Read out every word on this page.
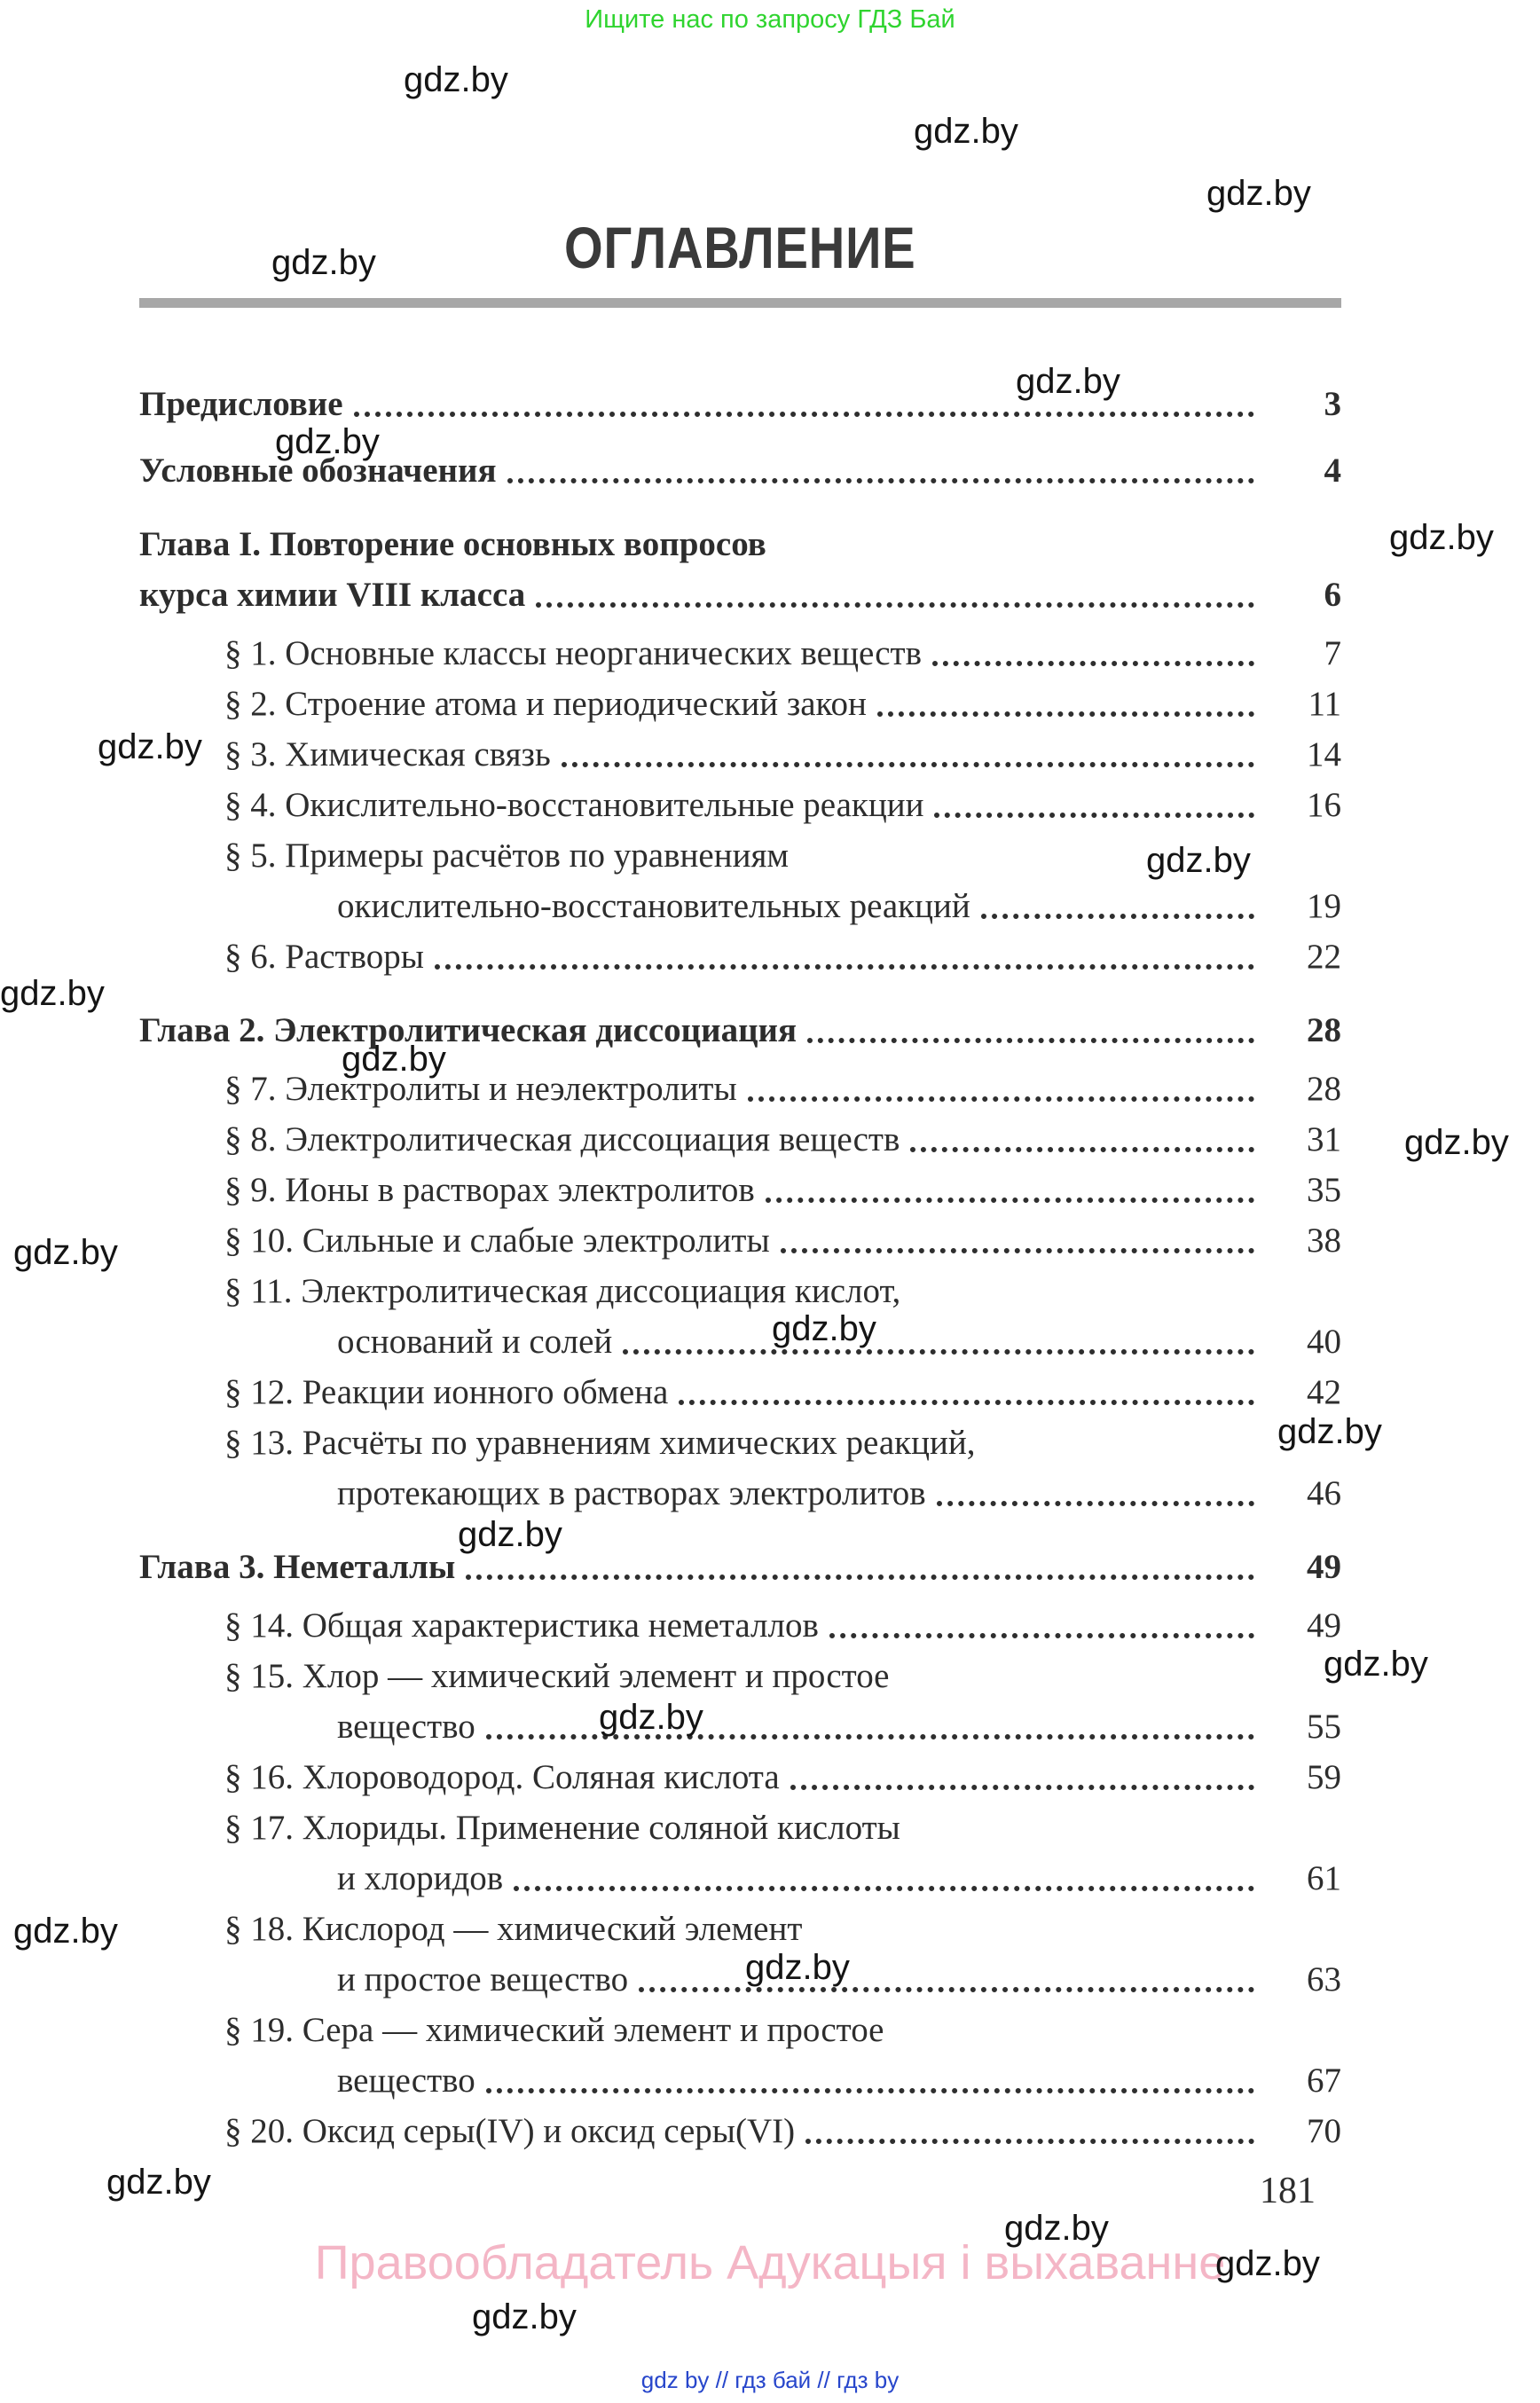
Ищите нас по запросу ГДЗ Бай
ОГЛАВЛЕНИЕ
Предисловие	3
Условные обозначения	4
Глава I. Повторение основных вопросов
курса химии VIII класса	6
§ 1. Основные классы неорганических веществ	7
§ 2. Строение атома и периодический закон	11
§ 3. Химическая связь	14
§ 4. Окислительно-восстановительные реакции	16
§ 5. Примеры расчётов по уравнениям
окислительно-восстановительных реакций	19
§ 6. Растворы	22
Глава 2. Электролитическая диссоциация	28
§ 7. Электролиты и неэлектролиты	28
§ 8. Электролитическая диссоциация веществ	31
§ 9. Ионы в растворах электролитов	35
§ 10. Сильные и слабые электролиты	38
§ 11. Электролитическая диссоциация кислот,
оснований и солей	40
§ 12. Реакции ионного обмена	42
§ 13. Расчёты по уравнениям химических реакций,
протекающих в растворах электролитов	46
Глава 3. Неметаллы	49
§ 14. Общая характеристика неметаллов	49
§ 15. Хлор — химический элемент и простое
вещество	55
§ 16. Хлороводород. Соляная кислота	59
§ 17. Хлориды. Применение соляной кислоты
и хлоридов	61
§ 18. Кислород — химический элемент
и простое вещество	63
§ 19. Сера — химический элемент и простое
вещество	67
§ 20. Оксид серы(IV) и оксид серы(VI)	70
181
Правообладатель Адукацыя і выхаванне
gdz by // гдз бай // гдз by
gdz.by
gdz.by
gdz.by
gdz.by
gdz.by
gdz.by
gdz.by
gdz.by
gdz.by
gdz.by
gdz.by
gdz.by
gdz.by
gdz.by
gdz.by
gdz.by
gdz.by
gdz.by
gdz.by
gdz.by
gdz.by
gdz.by
gdz.by
gdz.by
